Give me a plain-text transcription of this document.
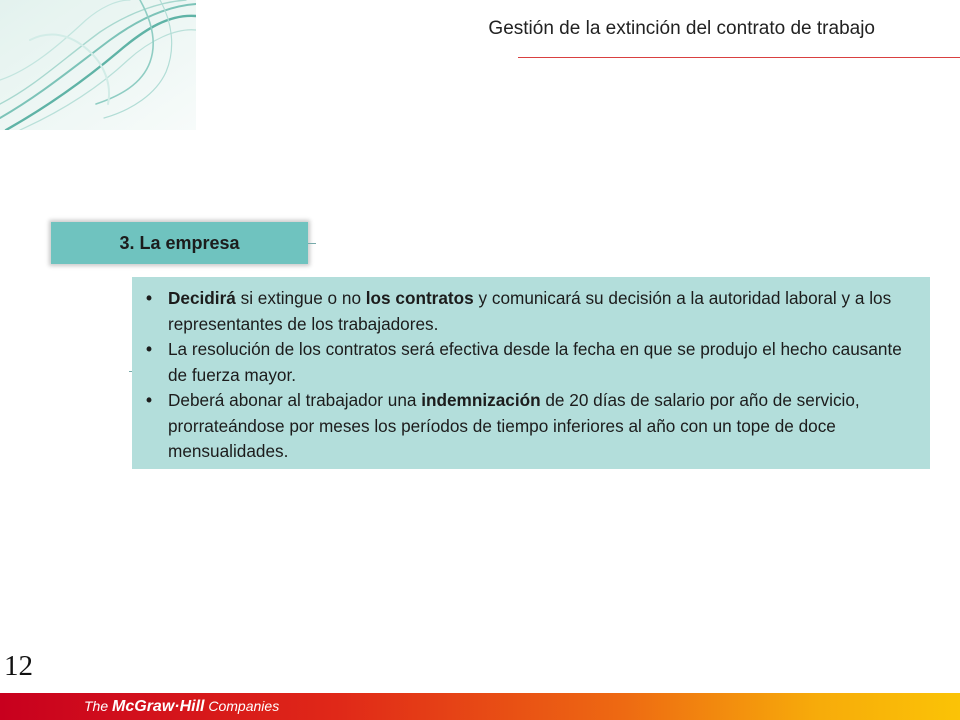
Gestión de la extinción del contrato de trabajo
3. La empresa
• Decidirá si extingue o no los contratos y comunicará su decisión a la autoridad laboral y a los representantes de los trabajadores.
• La resolución de los contratos será efectiva desde la fecha en que se produjo el hecho causante de fuerza mayor.
• Deberá abonar al trabajador una indemnización de 20 días de salario por año de servicio, prorrateándose por meses los períodos de tiempo inferiores al año con un tope de doce mensualidades.
12
The McGraw·Hill Companies
